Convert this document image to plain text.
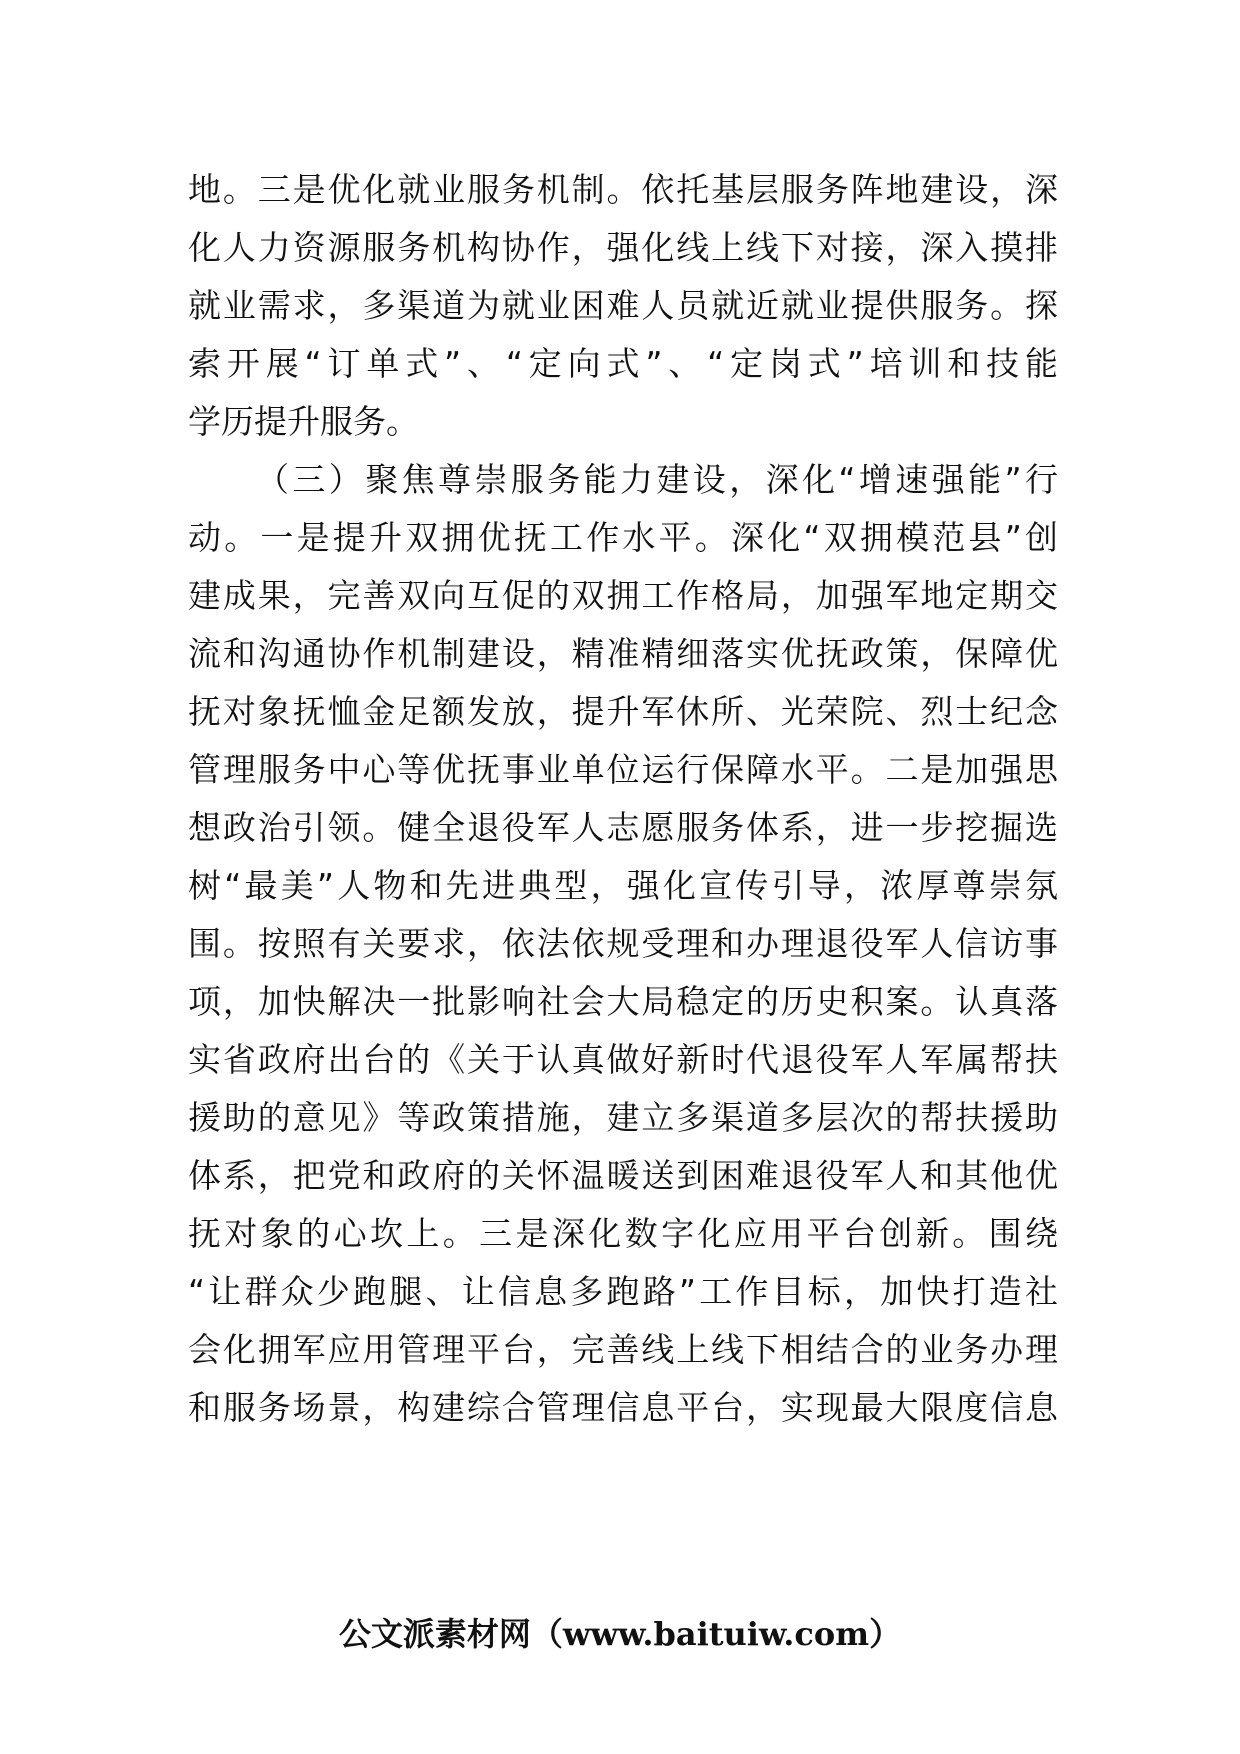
地。三是优化就业服务机制。依托基层服务阵地建设，深
化人力资源服务机构协作，强化线上线下对接，深入摸排
就业需求，多渠道为就业困难人员就近就业提供服务。探
索开展“订单式”、“定向式”、“定岗式”培训和技能
学历提升服务。
（三）聚焦尊崇服务能力建设，深化“增速强能”行
动。一是提升双拥优抚工作水平。深化“双拥模范县”创
建成果，完善双向互促的双拥工作格局，加强军地定期交
流和沟通协作机制建设，精准精细落实优抚政策，保障优
抚对象抚恤金足额发放，提升军休所、光荣院、烈士纪念
管理服务中心等优抚事业单位运行保障水平。二是加强思
想政治引领。健全退役军人志愿服务体系，进一步挖掘选
树“最美”人物和先进典型，强化宣传引导，浓厚尊崇氛
围。按照有关要求，依法依规受理和办理退役军人信访事
项，加快解决一批影响社会大局稳定的历史积案。认真落
实省政府出台的《关于认真做好新时代退役军人军属帮扶
援助的意见》等政策措施，建立多渠道多层次的帮扶援助
体系，把党和政府的关怀温暖送到困难退役军人和其他优
抚对象的心坎上。三是深化数字化应用平台创新。围绕
“让群众少跑腿、让信息多跑路”工作目标，加快打造社
会化拥军应用管理平台，完善线上线下相结合的业务办理
和服务场景，构建综合管理信息平台，实现最大限度信息
公文派素材网（www.baituiw.com）
